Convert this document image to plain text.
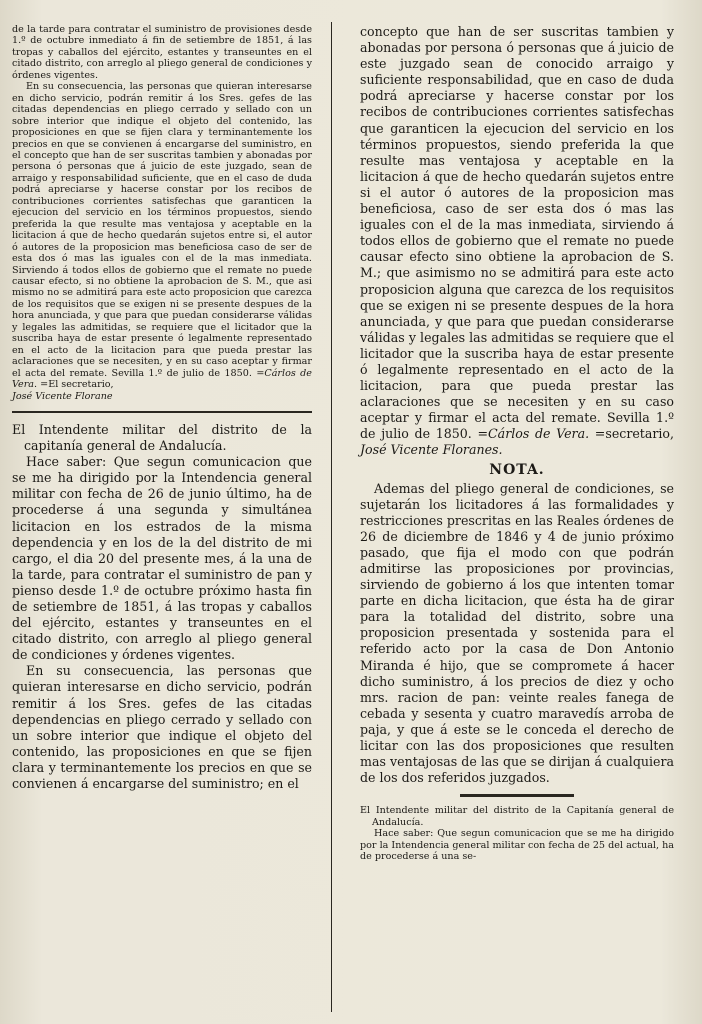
de la tarde para contratar el suministro de provisiones desde 1.º de octubre inmediato á fin de setiembre de 1851, á las tropas y caballos del ejército, estantes y transeuntes en el citado distrito, con arreglo al pliego general de condiciones y órdenes vigentes.

En su consecuencia, las personas que quieran interesarse en dicho servicio, podrán remitir á los Sres. gefes de las citadas dependencias en pliego cerrado y sellado con un sobre interior que indique el objeto del contenido, las proposiciones en que se fijen clara y terminantemente los precios en que se convienen á encargarse del suministro, en el concepto que han de ser suscritas tambien y abonadas por persona ó personas que á juicio de este juzgado, sean de arraigo y responsabilidad suficiente, que en el caso de duda podrá apreciarse y hacerse constar por los recibos de contribuciones corrientes satisfechas que garanticen la ejecucion del servicio en los términos propuestos, siendo preferida la que resulte mas ventajosa y aceptable en la licitacion á que de hecho quedarán sujetos entre si, el autor ó autores de la proposicion mas beneficiosa caso de ser de esta dos ó mas las iguales con el de la mas inmediata. Sirviendo á todos ellos de gobierno que el remate no puede causar efecto, si no obtiene la aprobacion de S. M., que asi mismo no se admitirá para este acto proposicion que carezca de los requisitos que se exigen ni se presente despues de la hora anunciada, y que para que puedan considerarse válidas y legales las admitidas, se requiere que el licitador que la suscriba haya de estar presente ó legalmente representado en el acto de la licitacion para que pueda prestar las aclaraciones que se necesiten, y en su caso aceptar y firmar el acta del remate. Sevilla 1.º de julio de 1850. =Cárlos de Vera. =El secretario,
José Vicente Florane

El Intendente militar del distrito de la capitanía general de Andalucía.

Hace saber: Que segun comunicacion que se me ha dirigido por la Intendencia general militar con fecha de 26 de junio último, ha de procederse á una segunda y simultánea licitacion en los estrados de la misma dependencia y en los de la del distrito de mi cargo, el dia 20 del presente mes, á la una de la tarde, para contratar el suministro de pan y pienso desde 1.º de octubre próximo hasta fin de setiembre de 1851, á las tropas y caballos del ejército, estantes y transeuntes en el citado distrito, con arreglo al pliego general de condiciones y órdenes vigentes.

En su consecuencia, las personas que quieran interesarse en dicho servicio, podrán remitir á los Sres. gefes de las citadas dependencias en pliego cerrado y sellado con un sobre interior que indique el objeto del contenido, las proposiciones en que se fijen clara y terminantemente los precios en que se convienen á encargarse del suministro; en el

concepto que han de ser suscritas tambien y abonadas por persona ó personas que á juicio de este juzgado sean de conocido arraigo y suficiente responsabilidad, que en caso de duda podrá apreciarse y hacerse constar por los recibos de contribuciones corrientes satisfechas que garanticen la ejecucion del servicio en los términos propuestos, siendo preferida la que resulte mas ventajosa y aceptable en la licitacion á que de hecho quedarán sujetos entre si el autor ó autores de la proposicion mas beneficiosa, caso de ser esta dos ó mas las iguales con el de la mas inmediata, sirviendo á todos ellos de gobierno que el remate no puede causar efecto sino obtiene la aprobacion de S. M.; que asimismo no se admitirá para este acto proposicion alguna que carezca de los requisitos que se exigen ni se presente despues de la hora anunciada, y que para que puedan considerarse válidas y legales las admitidas se requiere que el licitador que la suscriba haya de estar presente ó legalmente representado en el acto de la licitacion, para que pueda prestar las aclaraciones que se necesiten y en su caso aceptar y firmar el acta del remate. Sevilla 1.º de julio de 1850. =Cárlos de Vera. =secretario, José Vicente Floranes.

NOTA.

Ademas del pliego general de condiciones, se sujetarán los licitadores á las formalidades y restricciones prescritas en las Reales órdenes de 26 de diciembre de 1846 y 4 de junio próximo pasado, que fija el modo con que podrán admitirse las proposiciones por provincias, sirviendo de gobierno á los que intenten tomar parte en dicha licitacion, que ésta ha de girar para la totalidad del distrito, sobre una proposicion presentada y sostenida para el referido acto por la casa de Don Antonio Miranda é hijo, que se compromete á hacer dicho suministro, á los precios de diez y ocho mrs. racion de pan: veinte reales fanega de cebada y sesenta y cuatro maravedís arroba de paja, y que á este se le conceda el derecho de licitar con las dos proposiciones que resulten mas ventajosas de las que se dirijan á cualquiera de los dos referidos juzgados.

El Intendente militar del distrito de la Capitanía general de Andalucía.

Hace saber: Que segun comunicacion que se me ha dirigido por la Intendencia general militar con fecha de 25 del actual, ha de procederse á una se-
